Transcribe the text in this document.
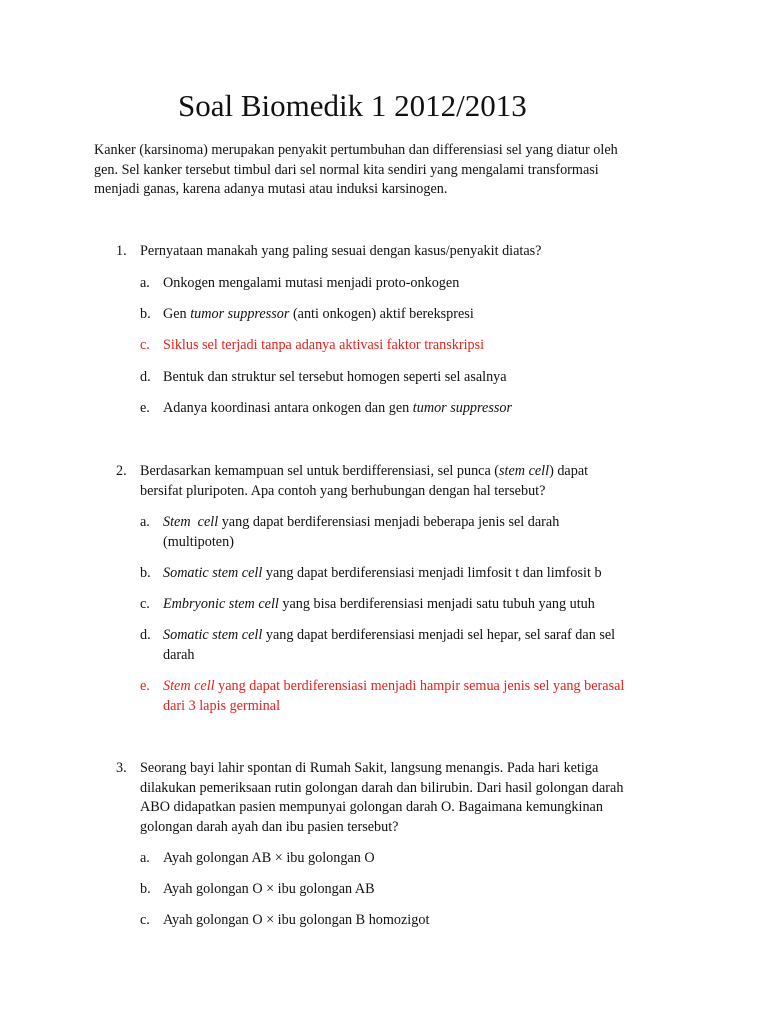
Soal Biomedik 1 2012/2013
Kanker (karsinoma) merupakan penyakit pertumbuhan dan differensiasi sel yang diatur oleh
gen. Sel kanker tersebut timbul dari sel normal kita sendiri yang mengalami transformasi
menjadi ganas, karena adanya mutasi atau induksi karsinogen.
1. Pernyataan manakah yang paling sesuai dengan kasus/penyakit diatas?
a. Onkogen mengalami mutasi menjadi proto-onkogen
b. Gen tumor suppressor (anti onkogen) aktif berekspresi
c. Siklus sel terjadi tanpa adanya aktivasi faktor transkripsi
d. Bentuk dan struktur sel tersebut homogen seperti sel asalnya
e. Adanya koordinasi antara onkogen dan gen tumor suppressor
2. Berdasarkan kemampuan sel untuk berdifferensiasi, sel punca (stem cell) dapat
bersifat pluripoten. Apa contoh yang berhubungan dengan hal tersebut?
a. Stem  cell yang dapat berdiferensiasi menjadi beberapa jenis sel darah
(multipoten)
b. Somatic stem cell yang dapat berdiferensiasi menjadi limfosit t dan limfosit b
c. Embryonic stem cell yang bisa berdiferensiasi menjadi satu tubuh yang utuh
d. Somatic stem cell yang dapat berdiferensiasi menjadi sel hepar, sel saraf dan sel
darah
e. Stem cell yang dapat berdiferensiasi menjadi hampir semua jenis sel yang berasal
dari 3 lapis germinal
3. Seorang bayi lahir spontan di Rumah Sakit, langsung menangis. Pada hari ketiga
dilakukan pemeriksaan rutin golongan darah dan bilirubin. Dari hasil golongan darah
ABO didapatkan pasien mempunyai golongan darah O. Bagaimana kemungkinan
golongan darah ayah dan ibu pasien tersebut?
a. Ayah golongan AB × ibu golongan O
b. Ayah golongan O × ibu golongan AB
c. Ayah golongan O × ibu golongan B homozigot
